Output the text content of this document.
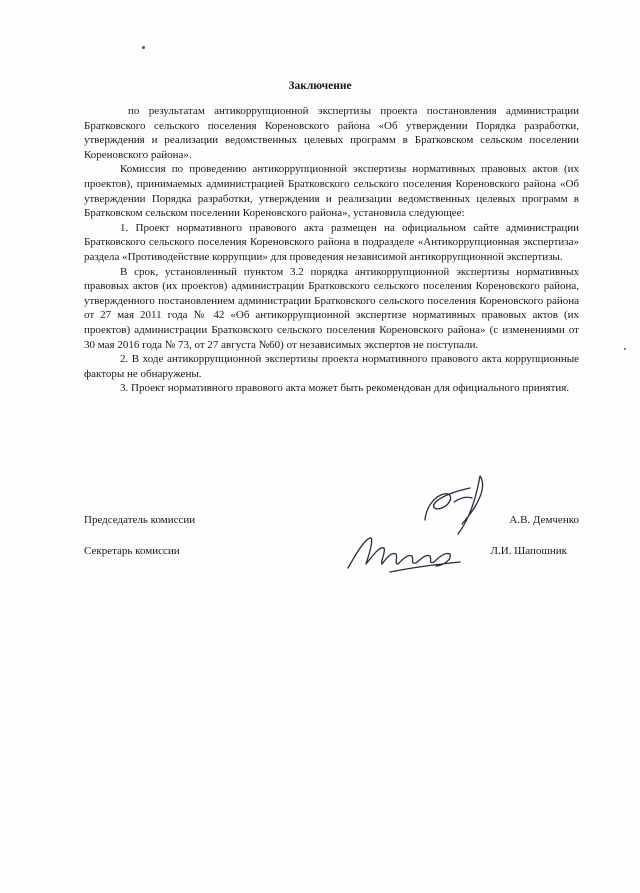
Заключение

по результатам антикоррупционной экспертизы проекта постановления администрации Братковского сельского поселения Кореновского района «Об утверждении Порядка разработки, утверждения и реализации ведомственных целевых программ в Братковском сельском поселении Кореновского района».

Комиссия по проведению антикоррупционной экспертизы нормативных правовых актов (их проектов), принимаемых администрацией Братковского сельского поселения Кореновского района «Об утверждении Порядка разработки, утверждения и реализации ведомственных целевых программ в Братковском сельском поселении Кореновского района», установила следующее:

1. Проект нормативного правового акта размещен на официальном сайте администрации Братковского сельского поселения Кореновского района в подразделе «Антикоррупционная экспертиза» раздела «Противодействие коррупции» для проведения независимой антикоррупционной экспертизы.

В срок, установленный пунктом 3.2 порядка антикоррупционной экспертизы нормативных правовых актов (их проектов) администрации Братковского сельского поселения Кореновского района, утвержденного постановлением администрации Братковского сельского поселения Кореновского района от 27 мая 2011 года № 42 «Об антикоррупционной экспертизе нормативных правовых актов (их проектов) администрации Братковского сельского поселения Кореновского района» (с изменениями от 30 мая 2016 года № 73, от 27 августа №60) от независимых экспертов не поступали.

2. В ходе антикоррупционной экспертизы проекта нормативного правового акта коррупционные факторы не обнаружены.

3. Проект нормативного правового акта может быть рекомендован для официального принятия.

Председатель комиссии	А.В. Демченко
Секретарь комиссии	Л.И. Шапошник
